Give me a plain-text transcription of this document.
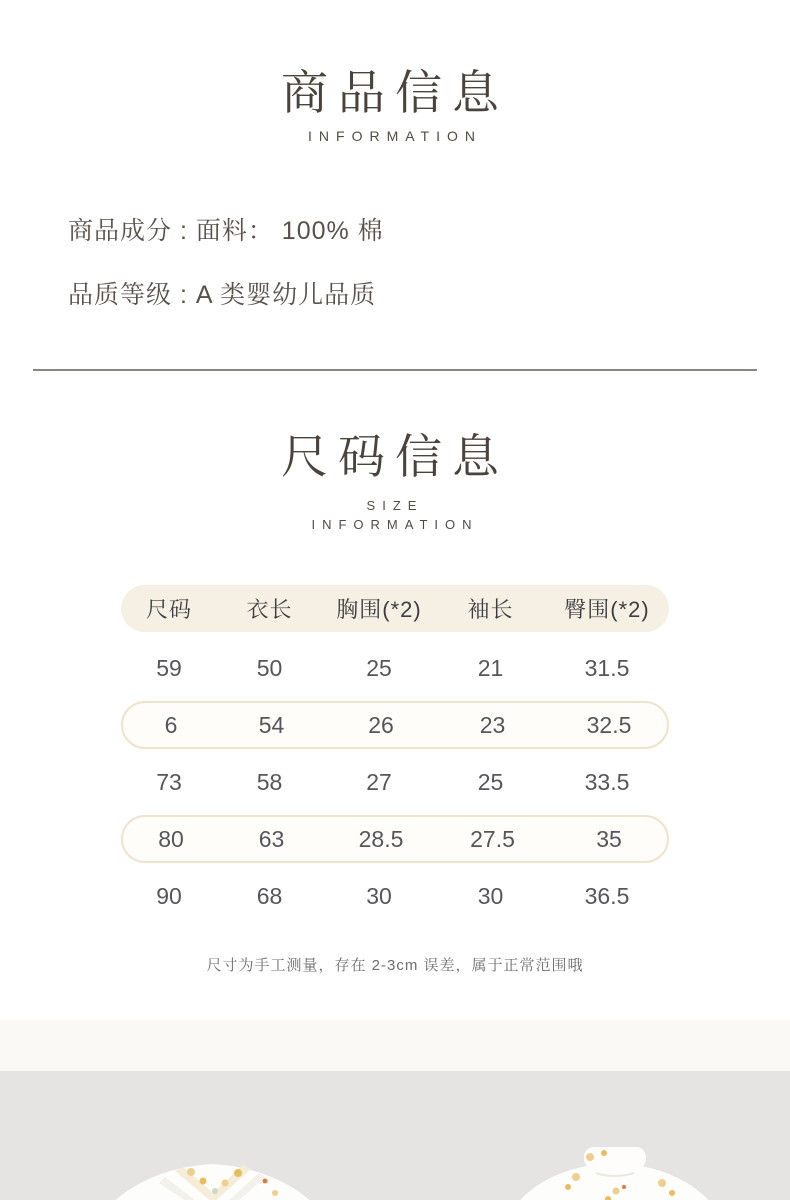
商品信息
INFORMATION
商品成分 : 面料： 100% 棉
品质等级 : A 类婴幼儿品质
尺码信息
SIZE
INFORMATION
尺码	衣长	胸围(*2)	袖长	臀围(*2)
59	50	25	21	31.5
6	54	26	23	32.5
73	58	27	25	33.5
80	63	28.5	27.5	35
90	68	30	30	36.5
尺寸为手工测量，存在 2-3cm 误差，属于正常范围哦
